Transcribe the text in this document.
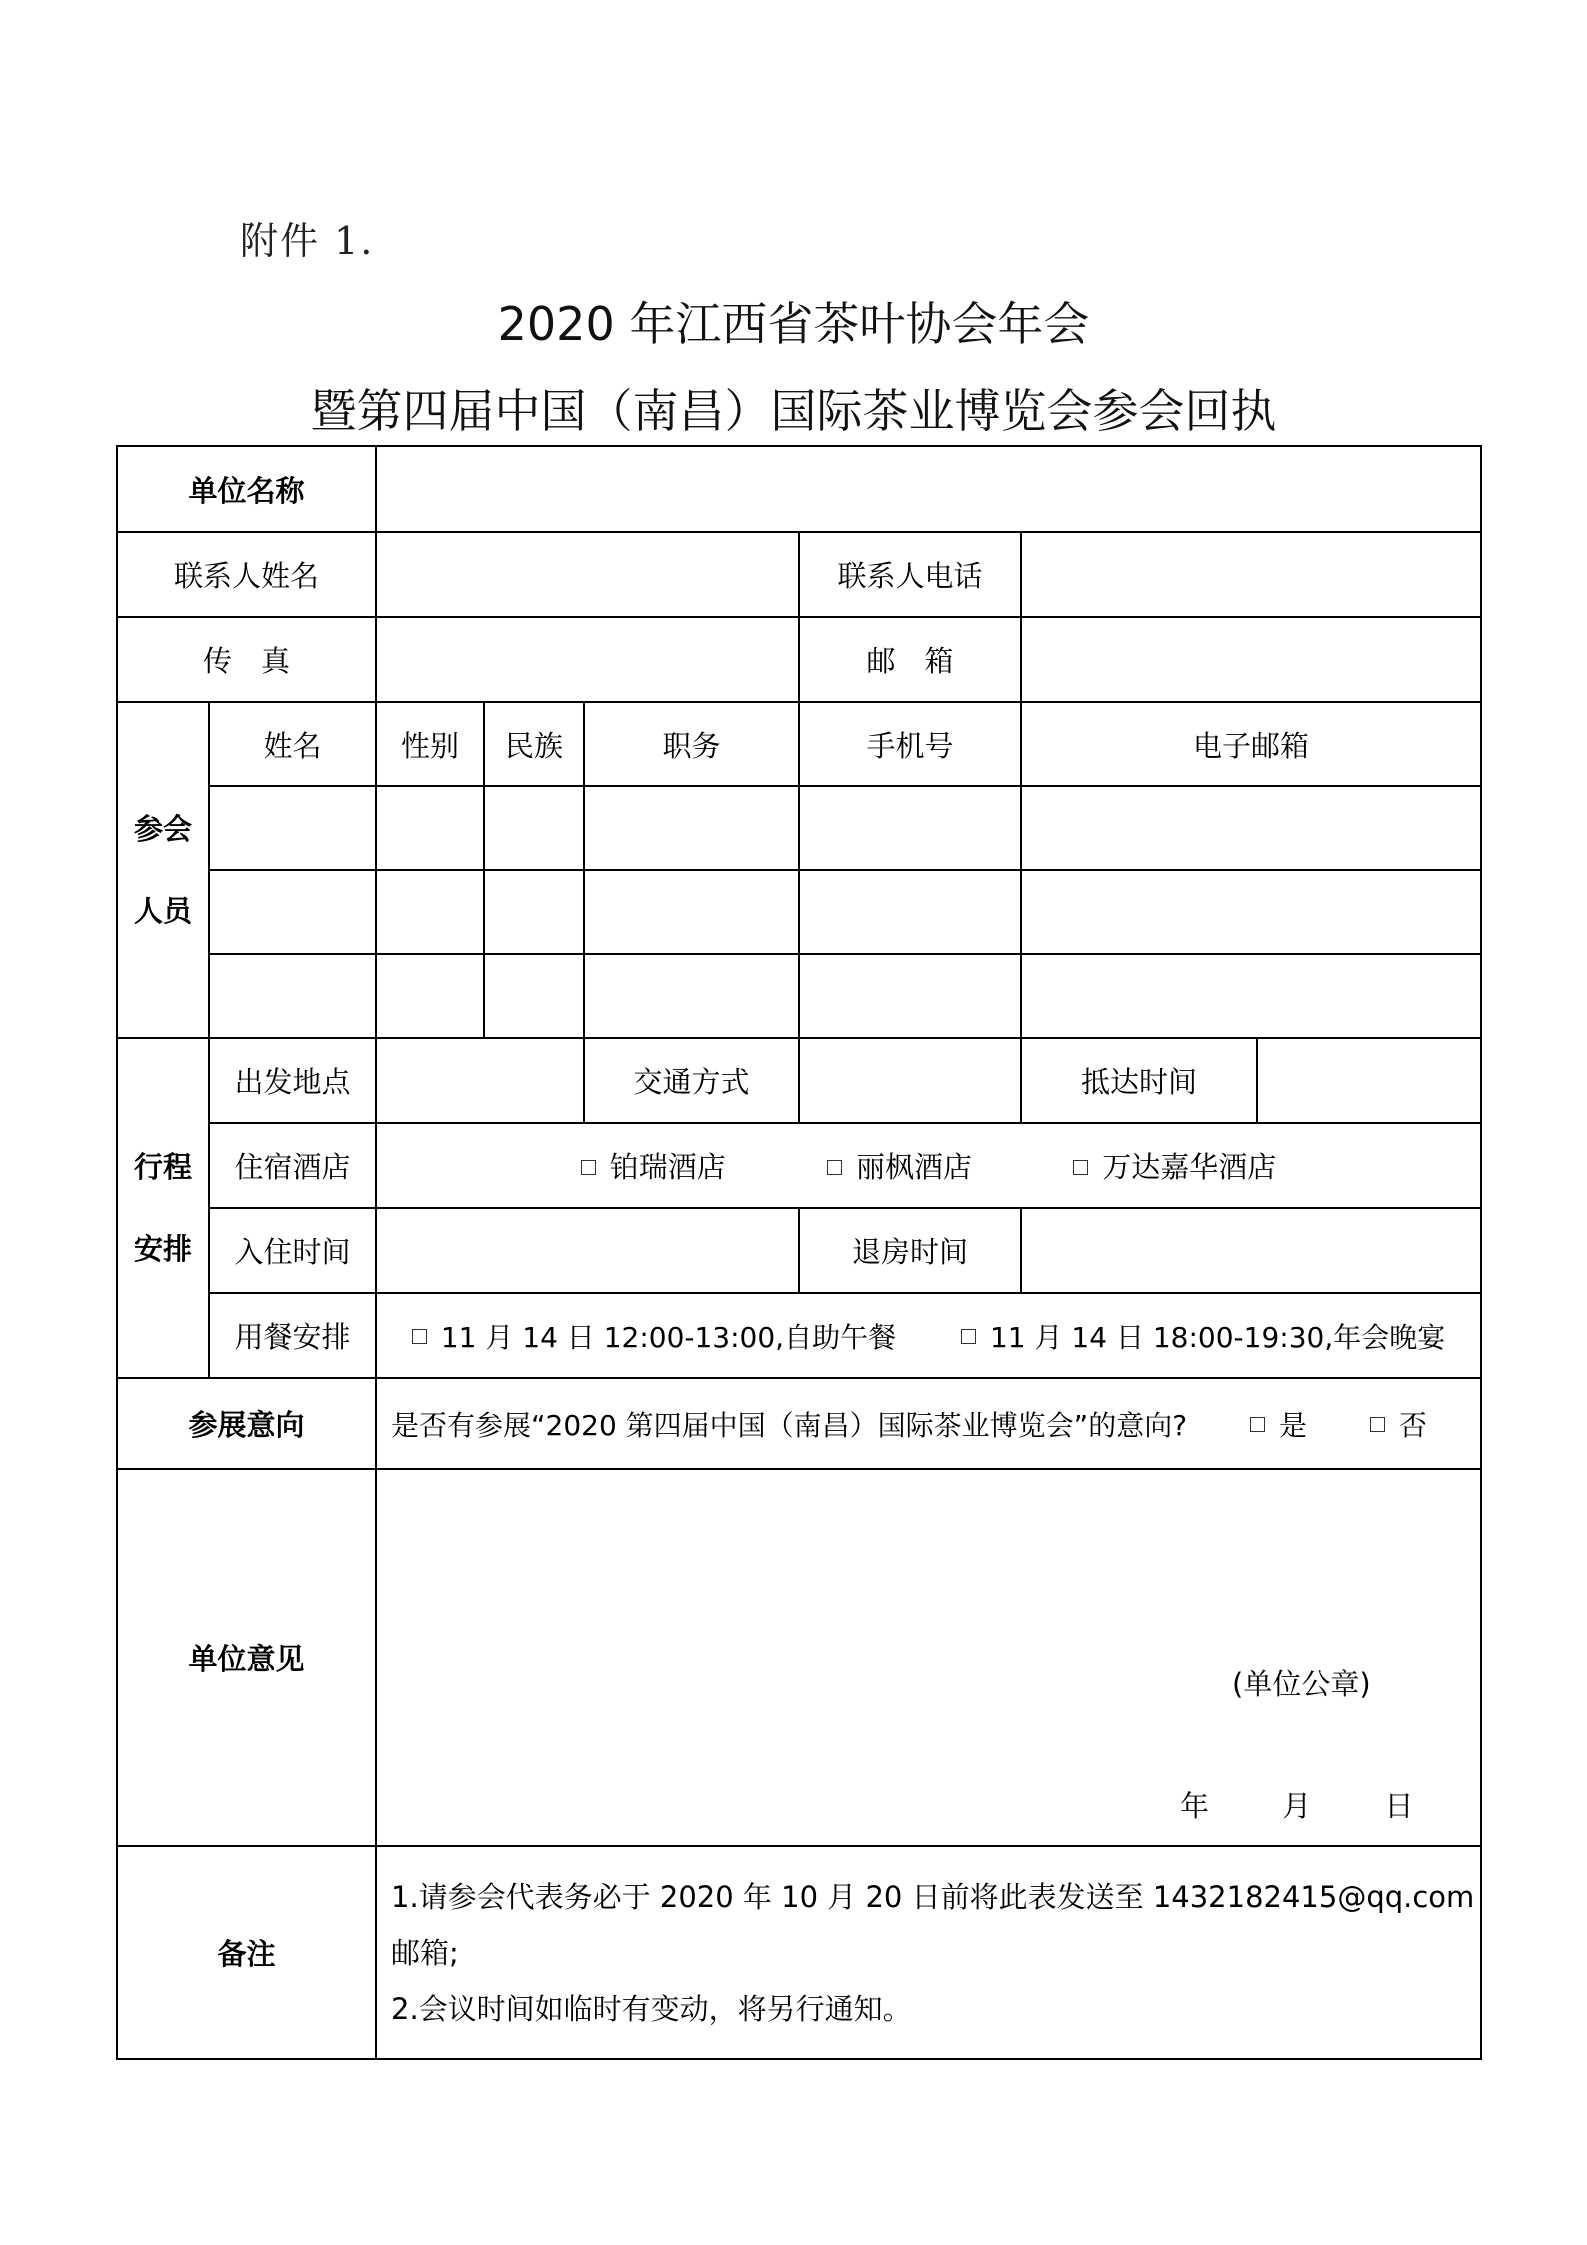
附件 1.
2020 年江西省茶叶协会年会
暨第四届中国（南昌）国际茶业博览会参会回执
单位名称							
联系人姓名					联系人电话		
传　真					邮　箱		

参会
人员	姓名	性别	民族	职务	手机号	电子邮箱	

行程
安排	出发地点			交通方式		抵达时间	
	住宿酒店	铂瑞酒店 丽枫酒店 万达嘉华酒店					
	入住时间				退房时间		
	用餐安排	11 月 14 日 12:00-13:00,自助午餐 11 月 14 日 18:00-19:30,年会晚宴					
参展意向		是否有参展“2020 第四届中国（南昌）国际茶业博览会”的意向? 是 否					
单位意见		(单位公章)
年 月 日					

备注		1.请参会代表务必于 2020 年 10 月 20 日前将此表发送至 1432182415@qq.com 邮箱;
2.会议时间如临时有变动，将另行通知。					
